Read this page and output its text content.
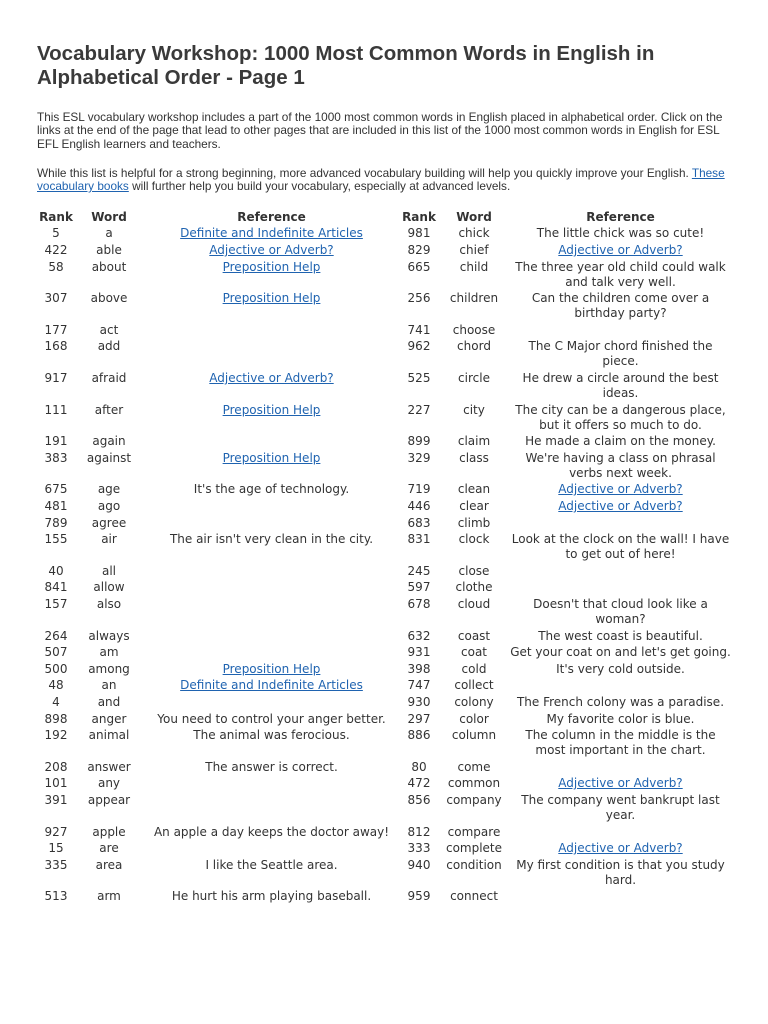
Vocabulary Workshop: 1000 Most Common Words in English in Alphabetical Order - Page 1

This ESL vocabulary workshop includes a part of the 1000 most common words in English placed in alphabetical order. Click on the links at the end of the page that lead to other pages that are included in this list of the 1000 most common words in English for ESL EFL English learners and teachers.

While this list is helpful for a strong beginning, more advanced vocabulary building will help you quickly improve your English. These vocabulary books will further help you build your vocabulary, especially at advanced levels.

Rank	Word	Reference	Rank	Word	Reference
5	a	Definite and Indefinite Articles	981	chick	The little chick was so cute!
422	able	Adjective or Adverb?	829	chief	Adjective or Adverb?
58	about	Preposition Help	665	child	The three year old child could walk and talk very well.
307	above	Preposition Help	256	children	Can the children come over a birthday party?
177	act		741	choose	
168	add		962	chord	The C Major chord finished the piece.
917	afraid	Adjective or Adverb?	525	circle	He drew a circle around the best ideas.
111	after	Preposition Help	227	city	The city can be a dangerous place, but it offers so much to do.
191	again		899	claim	He made a claim on the money.
383	against	Preposition Help	329	class	We're having a class on phrasal verbs next week.
675	age	It's the age of technology.	719	clean	Adjective or Adverb?
481	ago		446	clear	Adjective or Adverb?
789	agree		683	climb	
155	air	The air isn't very clean in the city.	831	clock	Look at the clock on the wall! I have to get out of here!
40	all		245	close	
841	allow		597	clothe	
157	also		678	cloud	Doesn't that cloud look like a woman?
264	always		632	coast	The west coast is beautiful.
507	am		931	coat	Get your coat on and let's get going.
500	among	Preposition Help	398	cold	It's very cold outside.
48	an	Definite and Indefinite Articles	747	collect	
4	and		930	colony	The French colony was a paradise.
898	anger	You need to control your anger better.	297	color	My favorite color is blue.
192	animal	The animal was ferocious.	886	column	The column in the middle is the most important in the chart.
208	answer	The answer is correct.	80	come	
101	any		472	common	Adjective or Adverb?
391	appear		856	company	The company went bankrupt last year.
927	apple	An apple a day keeps the doctor away!	812	compare	
15	are		333	complete	Adjective or Adverb?
335	area	I like the Seattle area.	940	condition	My first condition is that you study hard.
513	arm	He hurt his arm playing baseball.	959	connect	
